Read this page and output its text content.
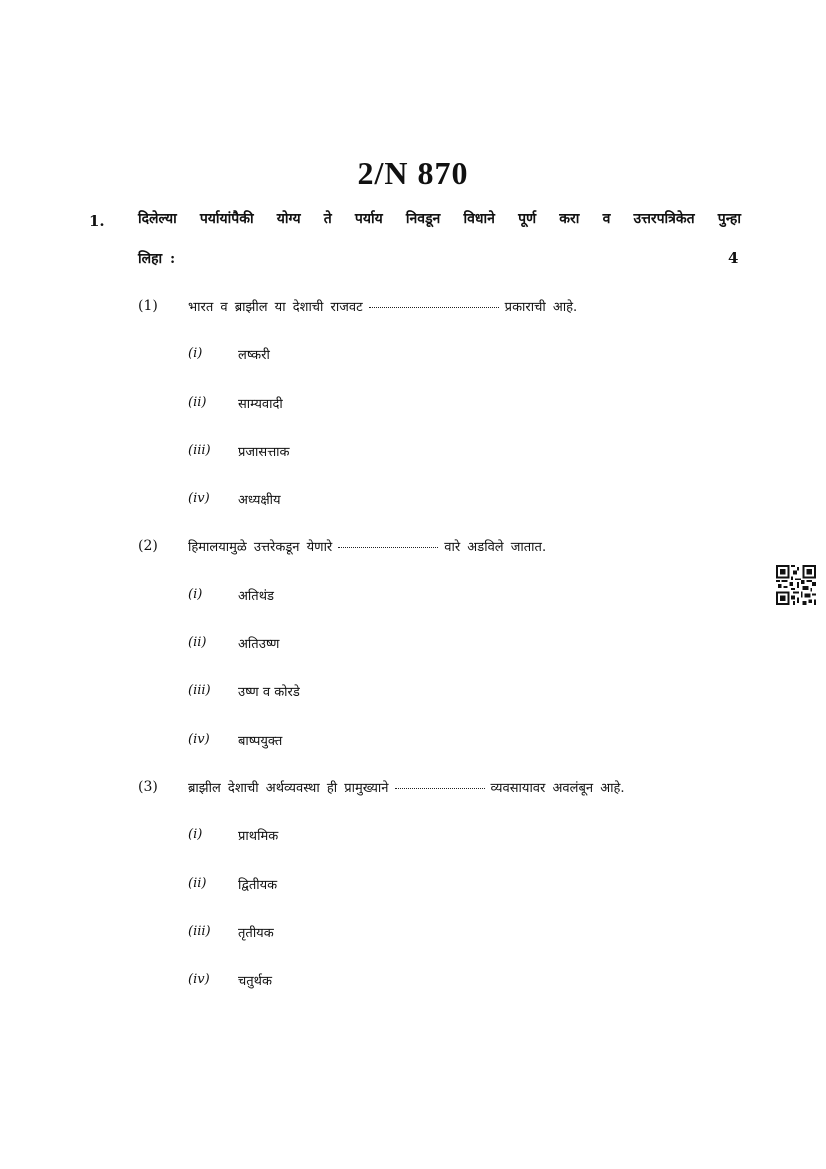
2/N 870
1. दिलेल्या पर्यायांपैकी योग्य ते पर्याय निवडून विधाने पूर्ण करा व उत्तरपत्रिकेत पुन्हा
लिहा :	4
(1) भारत व ब्राझील या देशाची राजवट	प्रकाराची आहे.
(i)	लष्करी
(ii) साम्यवादी
(iii) प्रजासत्ताक
(iv) अध्यक्षीय
(2) हिमालयामुळे उत्तरेकडून येणारे	वारे अडविले जातात.
(i)	अतिथंड
(ii) अतिउष्ण
(iii) उष्ण व कोरडे
(iv) बाष्पयुक्त
(3) ब्राझील देशाची अर्थव्यवस्था ही प्रामुख्याने	व्यवसायावर अवलंबून आहे.
(i)	प्राथमिक
(ii) द्वितीयक
(iii) तृतीयक
(iv) चतुर्थक
